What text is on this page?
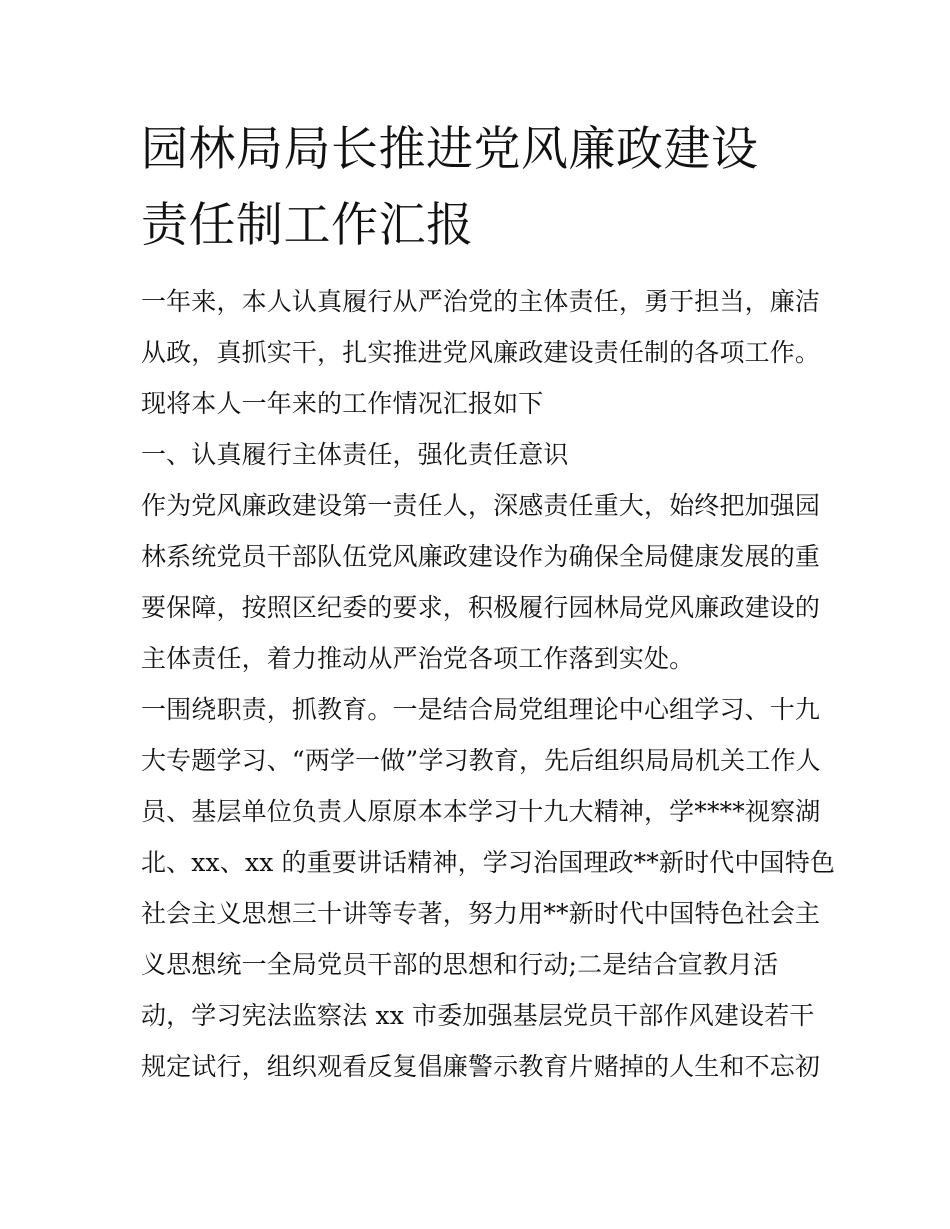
园林局局长推进党风廉政建设
责任制工作汇报
一年来，本人认真履行从严治党的主体责任，勇于担当，廉洁
从政，真抓实干，扎实推进党风廉政建设责任制的各项工作。
现将本人一年来的工作情况汇报如下
一、认真履行主体责任，强化责任意识
作为党风廉政建设第一责任人，深感责任重大，始终把加强园
林系统党员干部队伍党风廉政建设作为确保全局健康发展的重
要保障，按照区纪委的要求，积极履行园林局党风廉政建设的
主体责任，着力推动从严治党各项工作落到实处。
一围绕职责，抓教育。一是结合局党组理论中心组学习、十九
大专题学习、“两学一做”学习教育，先后组织局局机关工作人
员、基层单位负责人原原本本学习十九大精神，学****视察湖
北、xx、xx 的重要讲话精神，学习治国理政**新时代中国特色
社会主义思想三十讲等专著，努力用**新时代中国特色社会主
义思想统一全局党员干部的思想和行动;二是结合宣教月活
动，学习宪法监察法 xx 市委加强基层党员干部作风建设若干
规定试行，组织观看反复倡廉警示教育片赌掉的人生和不忘初
